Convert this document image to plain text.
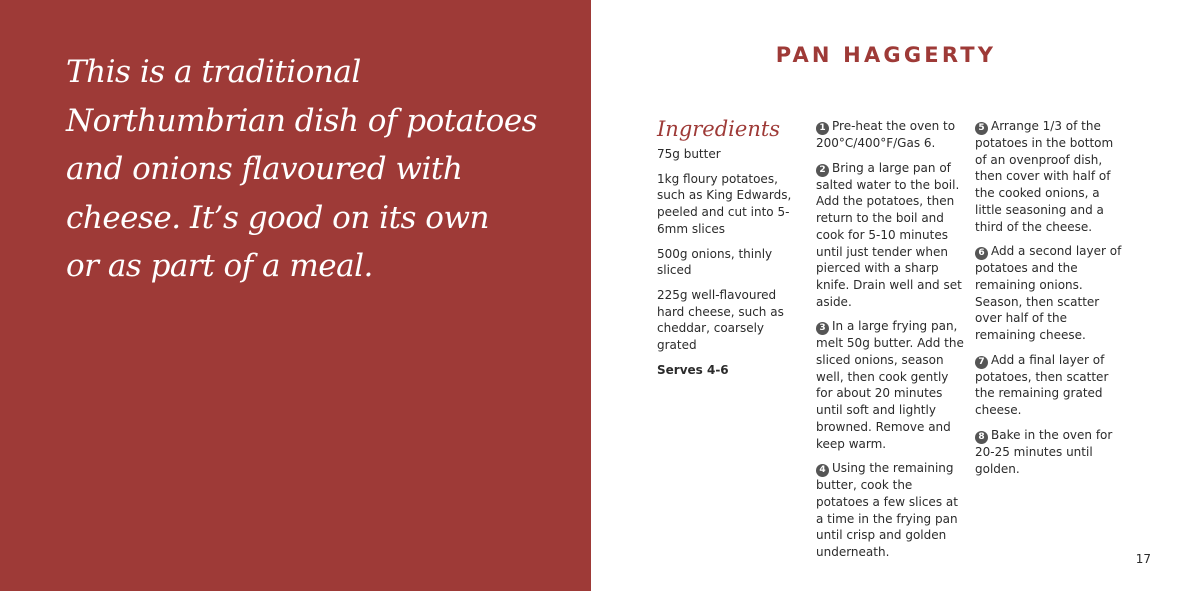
This is a traditional
Northumbrian dish of potatoes
and onions flavoured with
cheese. It’s good on its own
or as part of a meal.

PAN HAGGERTY
Ingredients

75g butter

1kg floury potatoes, such as King Edwards, peeled and cut into 5-6mm slices

500g onions, thinly sliced

225g well-flavoured hard cheese, such as cheddar, coarsely grated

Serves 4-6

1 Pre-heat the oven to 200°C/400°F/Gas 6.

2 Bring a large pan of salted water to the boil. Add the potatoes, then return to the boil and cook for 5-10 minutes until just tender when pierced with a sharp knife. Drain well and set aside.

3 In a large frying pan, melt 50g butter. Add the sliced onions, season well, then cook gently for about 20 minutes until soft and lightly browned. Remove and keep warm.

4 Using the remaining butter, cook the potatoes a few slices at a time in the frying pan until crisp and golden underneath.

5 Arrange 1/3 of the potatoes in the bottom of an ovenproof dish, then cover with half of the cooked onions, a little seasoning and a third of the cheese.

6 Add a second layer of potatoes and the remaining onions. Season, then scatter over half of the remaining cheese.

7 Add a final layer of potatoes, then scatter the remaining grated cheese.

8 Bake in the oven for 20-25 minutes until golden.

17
